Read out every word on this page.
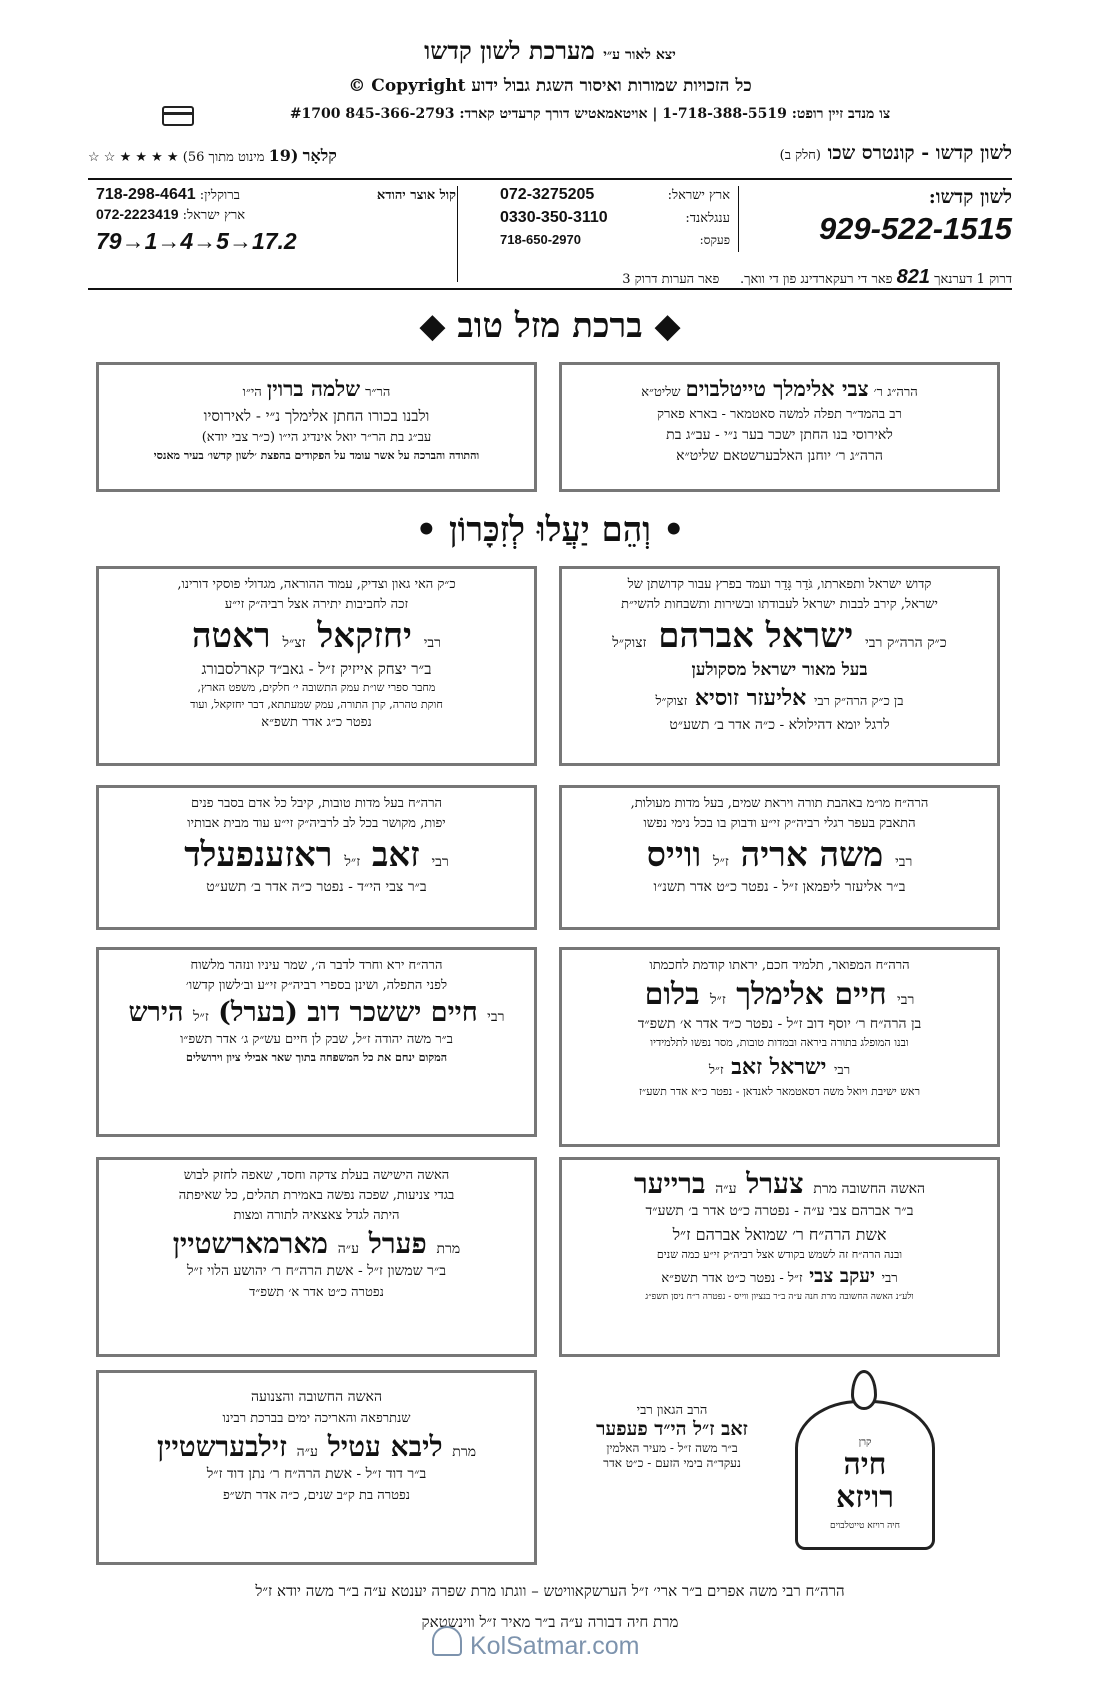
יצא לאור ע״י מערכת לשון קדשו
כל הזכויות שמורות ואיסור השגת גבול ידוע Copyright ©
צו מנדב זיין רופט: 1-718-388-5519 | אויטאמאטיש דורך קרעדיט קארד: 845-366-2793 #1700
לשון קדשו - קונטרס שכו (חלק ב)
קלאָר (19 מינוט מתוך 56) ★ ★ ★ ★ ☆ ☆
לשון קדשו:
929-522-1515
ארץ ישראל:
072-3275205
ענגלאנד:
0330-350-3110
פעקס:
718-650-2970
קול אוצר יהודא
ברוקלין: 718-298-4641
ארץ ישראל: 072-2223419
79→1→4→5→17.2
דרוק 1 דערנאך 821 פאר די רעקארדינג פון די וואך.     פאר הערות דרוק 3
◆ ברכת מזל טוב ◆
הרה״ג ר׳ צבי אלימלך טייטלבוים שליט״א
רב בהמד״ר תפלה למשה סאטמאר - בארא פארק
לאירוסי בנו החתן ישכר בער נ״י - עב״ג בת
הרה״ג ר׳ יוחנן האלבערשטאם שליט״א
הר״ר שלמה ברוין הי״ו
ולבנו בכורו החתן אלימלך נ״י - לאירוסיו
עב״ג בת הר״ר יואל אינדיג הי״ו (כ״ר צבי יודא)
והתודה והברכה על אשר עומד על הפקודים בהפצת ׳לשון קדשו׳ בעיר מאנסי
• וְהֵם יַעֲלוּ לְזִכָּרוֹן •
קדוש ישראל ותפארתו, גֹּדֵר גָּדֵר ועמד בפרץ עבור קדושתן של
ישראל, קירב לבבות ישראל לעבודתו ובשירות ותשבחות להשי״ת
כ״ק הרה״ק רבי ישראל אברהם זצוק״ל
בעל מאור ישראל מסקולען
בן כ״ק הרה״ק רבי אליעזר זוסיא זצוק״ל
לרגל יומא דהילולא - כ״ה אדר ב׳ תשע״ט
כ״ק האי גאון וצדיק, עמוד ההוראה, מגדולי פוסקי דורינו,
זכה לחביבות יתירה אצל רביה״ק זי״ע
רבי יחזקאל זצ״ל ראטה
ב״ר יצחק אייזיק ז״ל - גאב״ד קארלסבורג
מחבר ספרי שו״ת עמק התשובה י׳ חלקים, משפט הארץ,
חוקת טהרה, קרן התורה, עמק שמעתתא, דבר יחזקאל, ועוד
נפטר כ״ג אדר תשפ״א
הרה״ח מו״מ באהבת תורה ויראת שמים, בעל מדות מעולות,
התאבק בעפר רגלי רביה״ק זי״ע ודבוק בו בכל נימי נפשו
רבי משה אריה ז״ל ווייס
ב״ר אליעזר ליפמאן ז״ל - נפטר כ״ט אדר תשנ״ו
הרה״ח בעל מדות טובות, קיבל כל אדם בסבר פנים
יפות, מקושר בכל לב לרביה״ק זי״ע עוד מבית אבותיו
רבי זאב ז״ל ראזענפעלד
ב״ר צבי הי״ד - נפטר כ״ה אדר ב׳ תשע״ט
הרה״ח המפואר, תלמיד חכם, יראתו קודמת לחכמתו
רבי חיים אלימלך ז״ל בלום
בן הרה״ח ר׳ יוסף דוב ז״ל - נפטר כ״ד אדר א׳ תשפ״ד
ובנו המופלג בתורה ביראה ובמדות טובות, מסר נפשו לתלמידיו
רבי ישראל זאב ז״ל
ראש ישיבת ויואל משה דסאטמאר לאנדאן - נפטר כ״א אדר תשע״ז
הרה״ח ירא וחרד לדבר ה׳, שמר עיניו ונזהר מלשוח
לפני התפלה, ושינן בספרי רביה״ק זי״ע וב׳לשון קדשו׳
רבי חיים יששכר דוב (בערל) ז״ל הירש
ב״ר משה יהודה ז״ל, שבק לן חיים עש״ק ג׳ אדר תשפ״ו
המקום ינחם את כל המשפחה בתוך שאר אבילי ציון וירושלים
האשה החשובה מרת צערל ע״ה ברייער
ב״ר אברהם צבי ע״ה - נפטרה כ״ט אדר ב׳ תשע״ד
אשת הרה״ח ר׳ שמואל אברהם ז״ל
ובנה הרה״ח זה לשמש בקודש אצל רביה״ק זי״ע כמה שנים
רבי יעקב צבי ז״ל - נפטר כ״ט אדר תשפ״א
ולע״נ האשה החשובה מרת חנה ע״ה ב״ר בנציון ווייס - נפטרה ר״ח ניסן תשפ״ג
האשה הישישה בעלת צדקה וחסד, שאפה לחזק לבוש
בגדי צניעות, שפכה נפשה באמירת תהלים, כל שאיפתה
היתה לגדל צאצאיה לתורה ומצות
מרת פערל ע״ה מארמארשטיין
ב״ר שמשון ז״ל - אשת הרה״ח ר׳ יהושע הלוי ז״ל
נפטרה כ״ט אדר א׳ תשפ״ד
האשה החשובה והצנועה
שנתרפאה והאריכה ימים בברכת רבינו
מרת ליבא עטיל ע״ה זילבערשטיין
ב״ר דוד ז״ל - אשת הרה״ח ר׳ נתן דוד ז״ל
נפטרה בת ק״ב שנים, כ״ה אדר תש״פ
הרב הגאון רבי
זאב ז״ל הי״ד פעפער
ב״ר משה ז״ל - מעיר האלמין
נעקד״ה בימי הזעם - כ״ט אדר
קרן
חיה
רויזא
חיה רויזא טייטלבוים
הרה״ח רבי משה אפרים ב״ר ארי׳ ז״ל הערשקאוויטש – ווגתו מרת שפרה יענטא ע״ה ב״ר משה יודא ז״ל
מרת חיה דבורה ע״ה ב״ר מאיר ז״ל ווינשטאק
KolSatmar.com
